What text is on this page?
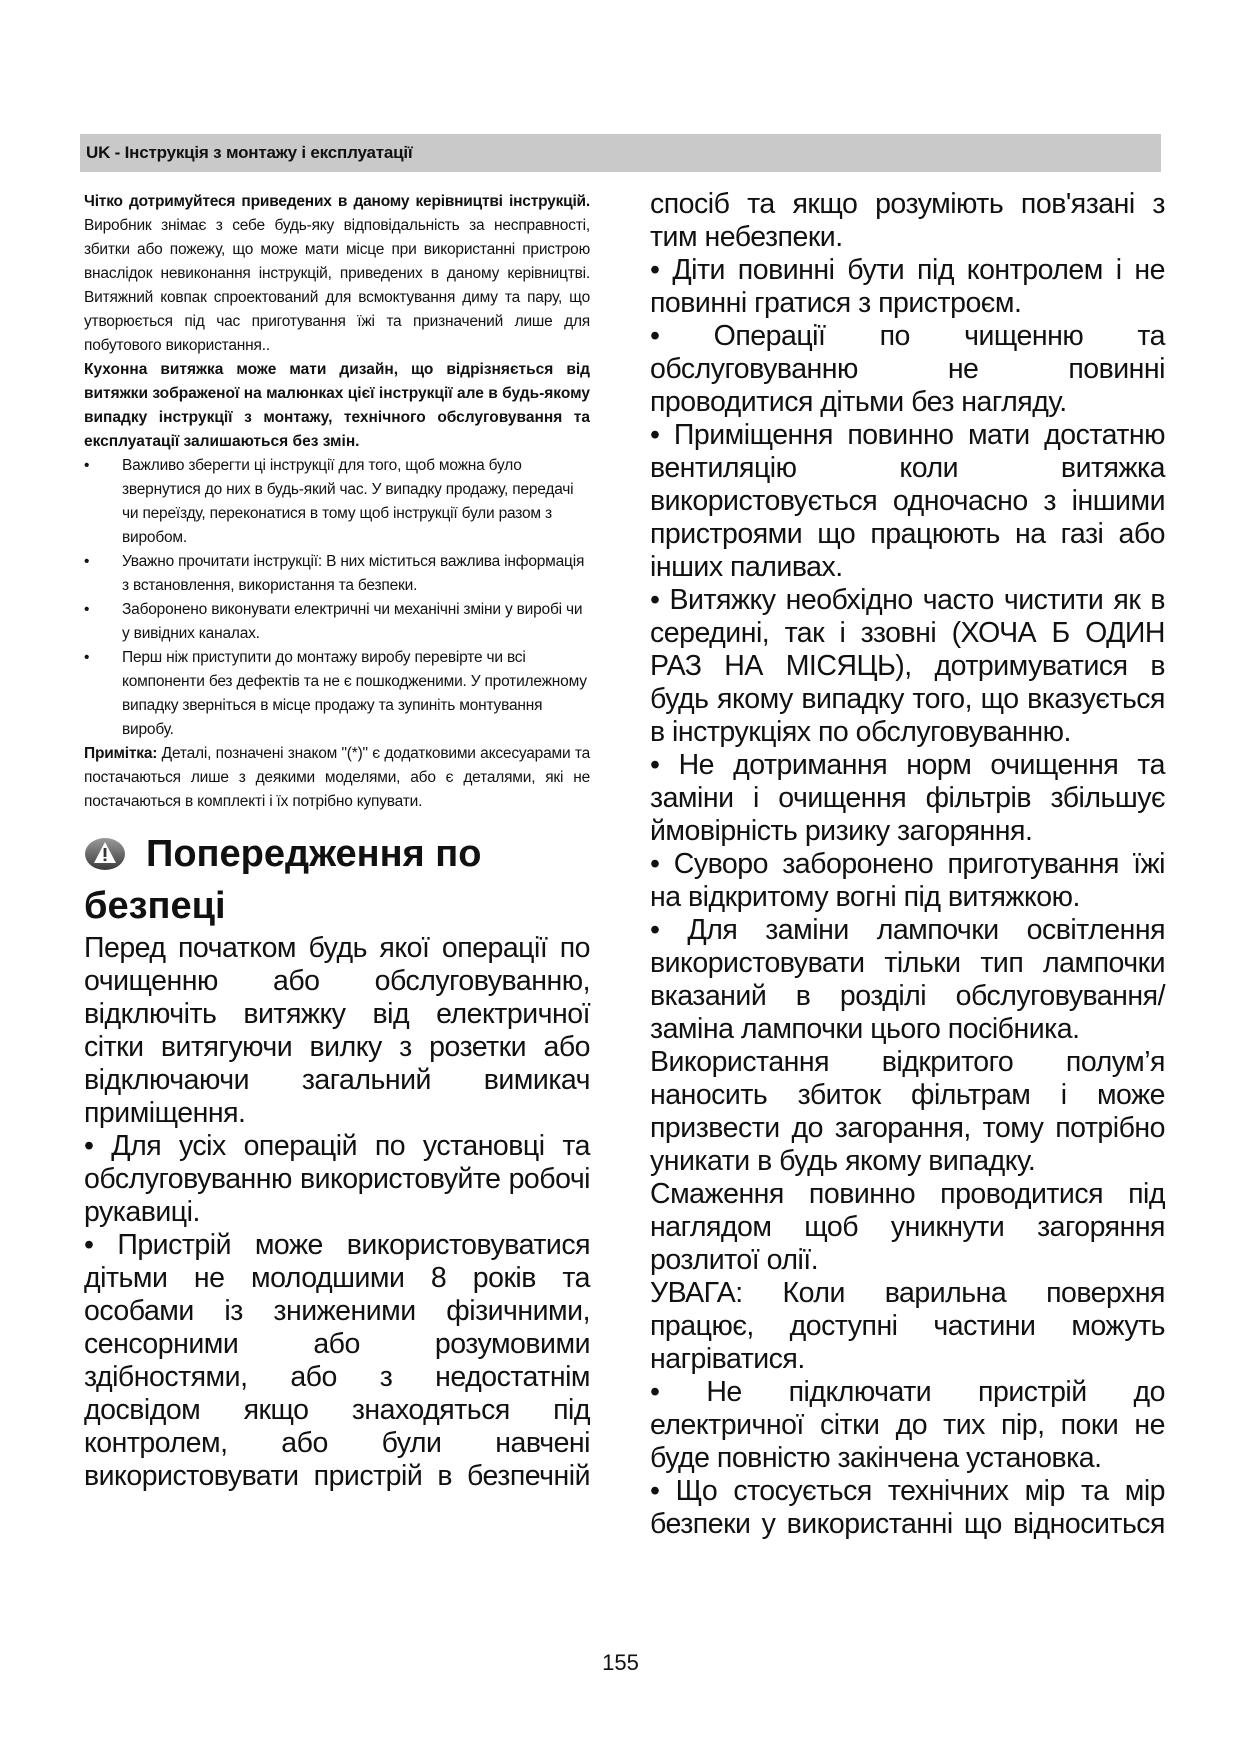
UK - Інструкція з монтажу і експлуатації

Чітко дотримуйтеся приведених в даному керівництві інструкцій. Виробник знімає з себе будь-яку відповідальність за несправності, збитки або пожежу, що може мати місце при використанні пристрою внаслідок невиконання інструкцій, приведених в даному керівництві. Витяжний ковпак спроектований для всмоктування диму та пару, що утворюється під час приготування їжі та призначений лише для побутового використання..

Кухонна витяжка може мати дизайн, що відрізняється від витяжки зображеної на малюнках цієї інструкції але в будь-якому випадку інструкції з монтажу, технічного обслуговування та експлуатації залишаються без змін.

• Важливо зберегти ці інструкції для того, щоб можна було звернутися до них в будь-який час. У випадку продажу, передачі чи переїзду, переконатися в тому щоб інструкції були разом з виробом.
• Уважно прочитати інструкції: В них міститься важлива інформація з встановлення, використання та безпеки.
• Заборонено виконувати електричні чи механічні зміни у виробі чи у вивідних каналах.
• Перш ніж приступити до монтажу виробу перевірте чи всі компоненти без дефектів та не є пошкодженими. У протилежному випадку зверніться в місце продажу та зупиніть монтування виробу.

Примітка: Деталі, позначені знаком "(*)" є додатковими аксесуарами та постачаються лише з деякими моделями, або є деталями, які не постачаються в комплекті і їх потрібно купувати.

Попередження по
безпеці

Перед початком будь якої операції по очищенню або обслуговуванню, відключіть витяжку від електричної сітки витягуючи вилку з розетки або відключаючи загальний вимикач приміщення.

• Для усіх операцій по установці та обслуговуванню використовуйте робочі рукавиці.

• Пристрій може використовуватися дітьми не молодшими 8 років та особами із зниженими фізичними, сенсорними або розумовими здібностями, або з недостатнім досвідом якщо знаходяться під контролем, або були навчені використовувати пристрій в безпечній

спосіб та якщо розуміють пов'язані з тим небезпеки.

• Діти повинні бути під контролем і не повинні гратися з пристроєм.

• Операції по чищенню та обслуговуванню не повинні проводитися дітьми без нагляду.

• Приміщення повинно мати достатню вентиляцію коли витяжка використовується одночасно з іншими пристроями що працюють на газі або інших паливах.

• Витяжку необхідно часто чистити як в середині, так і ззовні (ХОЧА Б ОДИН РАЗ НА МІСЯЦЬ), дотримуватися в будь якому випадку того, що вказується в інструкціях по обслуговуванню.

• Не дотримання норм очищення та заміни і очищення фільтрів збільшує ймовірність ризику загоряння.

• Суворо заборонено приготування їжі на відкритому вогні під витяжкою.

• Для заміни лампочки освітлення використовувати тільки тип лампочки вказаний в розділі обслуговування/заміна лампочки цього посібника.

Використання відкритого полум’я наносить збиток фільтрам і може призвести до загорання, тому потрібно уникати в будь якому випадку.

Смаження повинно проводитися під наглядом щоб уникнути загоряння розлитої олії.

УВАГА: Коли варильна поверхня працює, доступні частини можуть нагріватися.

• Не підключати пристрій до електричної сітки до тих пір, поки не буде повністю закінчена установка.

• Що стосується технічних мір та мір безпеки у використанні що відноситься

155
